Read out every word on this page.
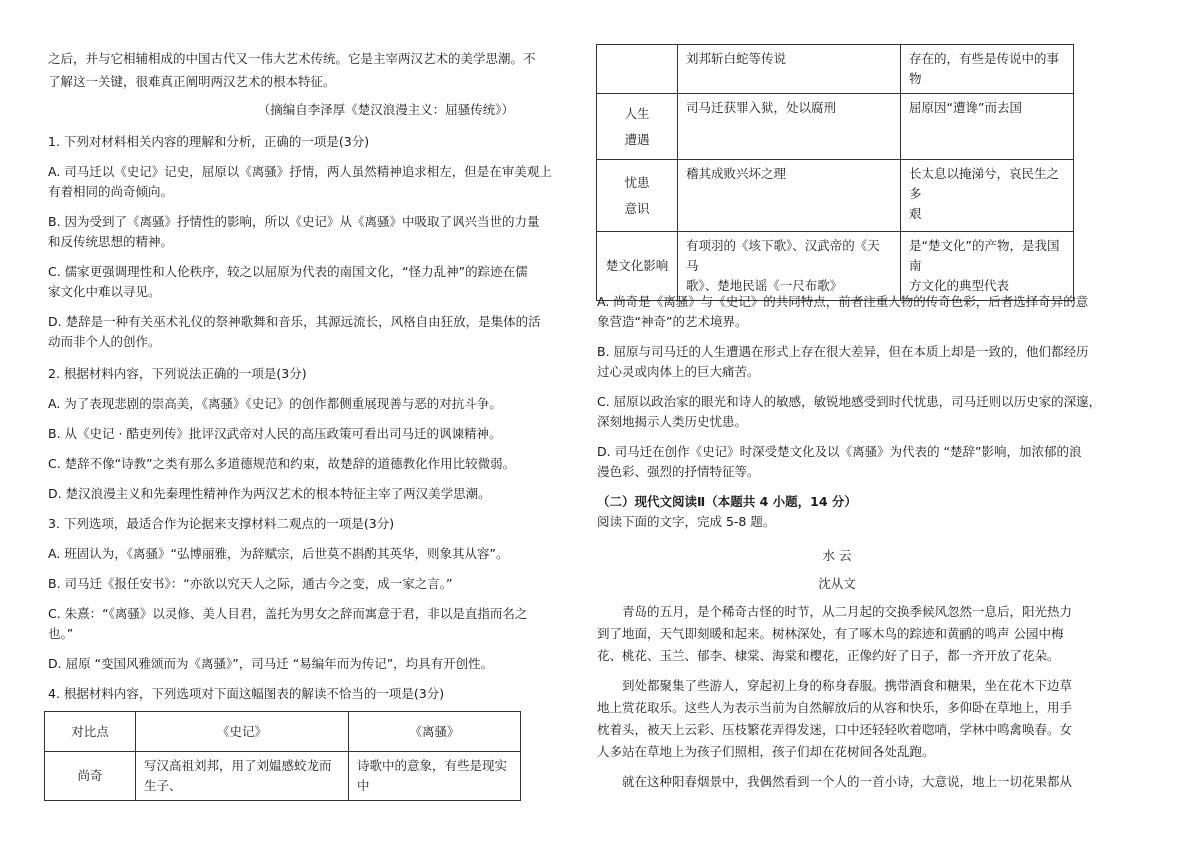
之后，并与它相辅相成的中国古代又一伟大艺术传统。它是主宰两汉艺术的美学思潮。不
了解这一关键，很难真正阐明两汉艺术的根本特征。
（摘编自李泽厚《楚汉浪漫主义：屈骚传统》）
1. 下列对材料相关内容的理解和分析，正确的一项是(3分)
A. 司马迁以《史记》记史，屈原以《离骚》抒情，两人虽然精神追求相左，但是在审美观上
有着相同的尚奇倾向。
B. 因为受到了《离骚》抒情性的影响，所以《史记》从《离骚》中吸取了讽兴当世的力量
和反传统思想的精神。
C. 儒家更强调理性和人伦秩序，较之以屈原为代表的南国文化，“怪力乱神”的踪迹在儒
家文化中难以寻见。
D. 楚辞是一种有关巫术礼仪的祭神歌舞和音乐，其源远流长，风格自由狂放，是集体的活
动而非个人的创作。
2. 根据材料内容，下列说法正确的一项是(3分)
A. 为了表现悲剧的崇高美，《离骚》《史记》的创作都侧重展现善与恶的对抗斗争。
B. 从《史记 · 酷吏列传》批评汉武帝对人民的高压政策可看出司马迁的讽谏精神。
C. 楚辞不像“诗教”之类有那么多道德规范和约束，故楚辞的道德教化作用比较微弱。
D. 楚汉浪漫主义和先秦理性精神作为两汉艺术的根本特征主宰了两汉美学思潮。
3. 下列选项，最适合作为论据来支撑材料二观点的一项是(3分)
A. 班固认为，《离骚》“弘博丽雅，为辞赋宗，后世莫不斟酌其英华，则象其从容”。
B. 司马迁《报任安书》：“亦欲以究天人之际，通古今之变，成一家之言。”
C. 朱熹：“《离骚》以灵修、美人目君，盖托为男女之辞而寓意于君，非以是直指而名之
也。”
D. 屈原 “变国风雅颂而为《离骚》”，司马迁 “易编年而为传记”，均具有开创性。
4. 根据材料内容，下列选项对下面这幅图表的解读不恰当的一项是(3分)
对比点	《史记》	《离骚》
尚奇	写汉高祖刘邦，用了刘媪感蛟龙而生子、	诗歌中的意象，有些是现实中
	刘邦斩白蛇等传说	存在的，有些是传说中的事物
人生
遭遇	司马迁获罪入狱，处以腐刑	屈原因“遭谗”而去国
忧患
意识	稽其成败兴坏之理	长太息以掩涕兮，哀民生之多
艰
楚文化影响	有项羽的《垓下歌》、汉武帝的《天马
歌》、楚地民谣《一尺布歌》	是“楚文化”的产物，是我国南
方文化的典型代表
A. 尚奇是《离骚》与《史记》的共同特点，前者注重人物的传奇色彩，后者选择奇异的意
象营造“神奇”的艺术境界。
B. 屈原与司马迁的人生遭遇在形式上存在很大差异，但在本质上却是一致的，他们都经历
过心灵或肉体上的巨大痛苦。
C. 屈原以政治家的眼光和诗人的敏感，敏锐地感受到时代忧患，司马迁则以历史家的深邃，
深刻地揭示人类历史忧患。
D. 司马迁在创作《史记》时深受楚文化及以《离骚》为代表的 “楚辞”影响，加浓郁的浪
漫色彩、强烈的抒情特征等。
（二）现代文阅读Ⅱ（本题共 4 小题，14 分）
阅读下面的文字，完成 5-8 题。
水 云
沈从文
青岛的五月，是个稀奇古怪的时节，从二月起的交换季候风忽然一息后，阳光热力
到了地面，天气即刻暖和起来。树林深处，有了啄木鸟的踪迹和黄鹂的鸣声 公园中梅
花、桃花、玉兰、郁李、棣棠、海棠和樱花，正像约好了日子，都一齐开放了花朵。
到处都聚集了些游人，穿起初上身的称身春服。携带酒食和糖果，坐在花木下边草
地上赏花取乐。这些人为表示当前为自然解放后的从容和快乐，多仰卧在草地上，用手
枕着头，被天上云彩、压枝繁花弄得发迷，口中还轻轻吹着唿哨，学林中鸣禽唤春。女
人多站在草地上为孩子们照相，孩子们却在花树间各处乱跑。
就在这种阳春烟景中，我偶然看到一个人的一首小诗，大意说，地上一切花果都从
